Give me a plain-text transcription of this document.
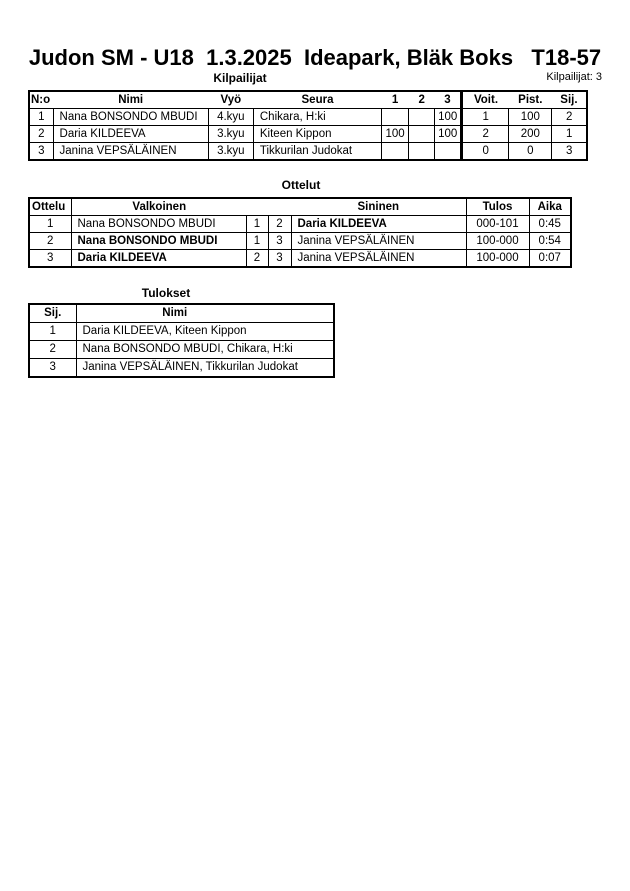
Judon SM - U18  1.3.2025  Ideapark, Bläk Boks   T18-57
Kilpailijat	Kilpailijat: 3
N:o	Nimi	Vyö	Seura	1	2	3	Voit.	Pist.	Sij.
1	Nana BONSONDO MBUDI	4.kyu	Chikara, H:ki			100	1	100	2
2	Daria KILDEEVA	3.kyu	Kiteen Kippon	100		100	2	200	1
3	Janina VEPSÄLÄINEN	3.kyu	Tikkurilan Judokat				0	0	3
Ottelut
Ottelu	Valkoinen			Sininen	Tulos	Aika
1	Nana BONSONDO MBUDI	1	2	Daria KILDEEVA	000-101	0:45
2	Nana BONSONDO MBUDI	1	3	Janina VEPSÄLÄINEN	100-000	0:54
3	Daria KILDEEVA	2	3	Janina VEPSÄLÄINEN	100-000	0:07
Tulokset
Sij.	Nimi
1	Daria KILDEEVA, Kiteen Kippon
2	Nana BONSONDO MBUDI, Chikara, H:ki
3	Janina VEPSÄLÄINEN, Tikkurilan Judokat
